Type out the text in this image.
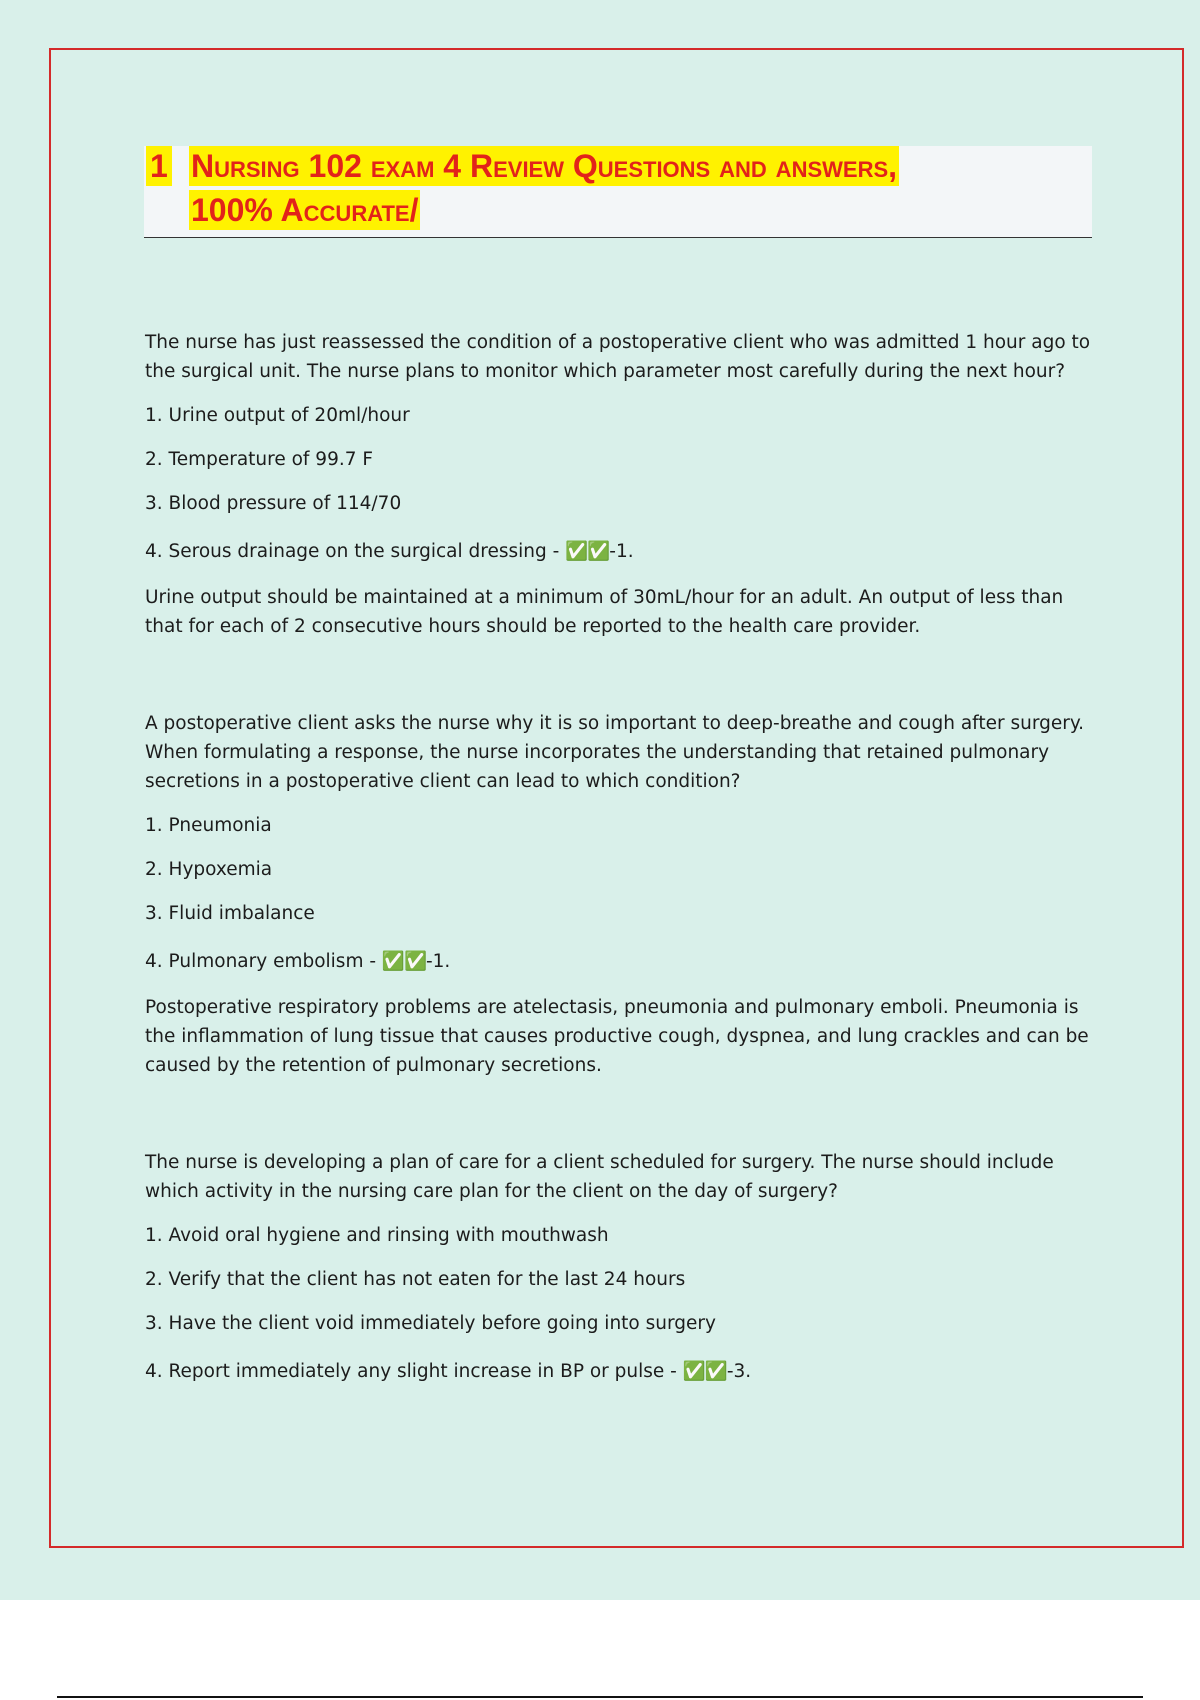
1 Nursing 102 exam 4 Review Questions and answers,
100% Accurate/

The nurse has just reassessed the condition of a postoperative client who was admitted 1 hour ago to the surgical unit. The nurse plans to monitor which parameter most carefully during the next hour?

1. Urine output of 20ml/hour

2. Temperature of 99.7 F

3. Blood pressure of 114/70

4. Serous drainage on the surgical dressing - ✅✅-1.

Urine output should be maintained at a minimum of 30mL/hour for an adult. An output of less than that for each of 2 consecutive hours should be reported to the health care provider.

A postoperative client asks the nurse why it is so important to deep-breathe and cough after surgery. When formulating a response, the nurse incorporates the understanding that retained pulmonary secretions in a postoperative client can lead to which condition?

1. Pneumonia

2. Hypoxemia

3. Fluid imbalance

4. Pulmonary embolism - ✅✅-1.

Postoperative respiratory problems are atelectasis, pneumonia and pulmonary emboli. Pneumonia is the inflammation of lung tissue that causes productive cough, dyspnea, and lung crackles and can be caused by the retention of pulmonary secretions.

The nurse is developing a plan of care for a client scheduled for surgery. The nurse should include which activity in the nursing care plan for the client on the day of surgery?

1. Avoid oral hygiene and rinsing with mouthwash

2. Verify that the client has not eaten for the last 24 hours

3. Have the client void immediately before going into surgery

4. Report immediately any slight increase in BP or pulse - ✅✅-3.
